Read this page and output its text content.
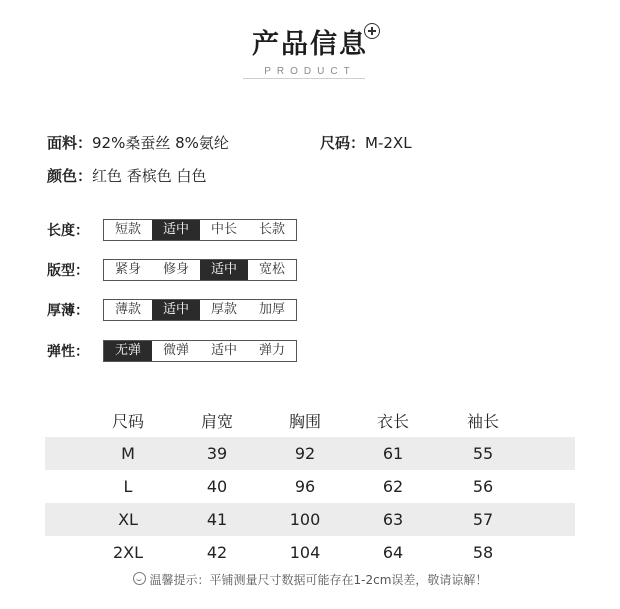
产品信息
PRODUCT
面料：92%桑蚕丝 8%氨纶	尺码：M-2XL
颜色：红色 香槟色 白色
长度：	短款	适中	中长	长款
版型：	紧身	修身	适中	宽松
厚薄：	薄款	适中	厚款	加厚
弹性：	无弹	微弹	适中	弹力
尺码	肩宽	胸围	衣长	袖长
M	39	92	61	55
L	40	96	62	56
XL	41	100	63	57
2XL	42	104	64	58
温馨提示：平铺测量尺寸数据可能存在1-2cm误差，敬请谅解！
